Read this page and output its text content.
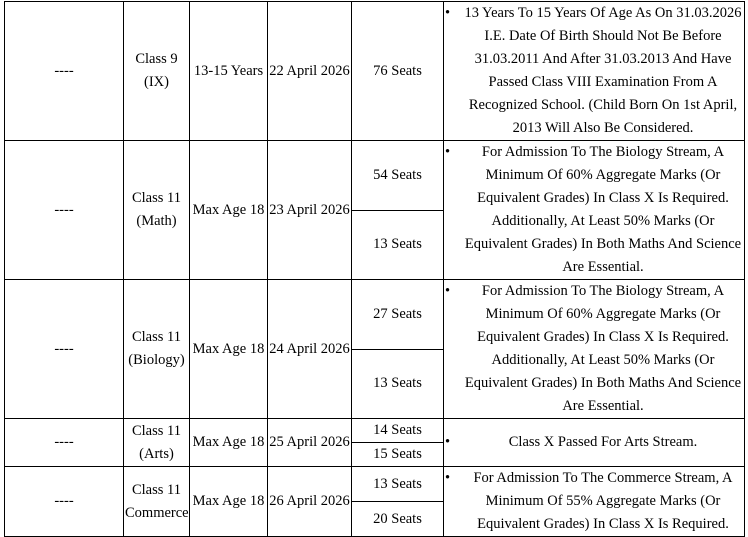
----	Class 9 (IX)	13-15 Years	22 April 2026	76 Seats	• 13 Years To 15 Years Of Age As On 31.03.2026 I.E. Date Of Birth Should Not Be Before 31.03.2011 And After 31.03.2013 And Have Passed Class VIII Examination From A Recognized School. (Child Born On 1st April, 2013 Will Also Be Considered.

----	Class 11 (Math)	Max Age 18	23 April 2026	54 Seats	• For Admission To The Biology Stream, A Minimum Of 60% Aggregate Marks (Or Equivalent Grades) In Class X Is Required. Additionally, At Least 50% Marks (Or Equivalent Grades) In Both Maths And Science Are Essential.

				13 Seats	
----	Class 11 (Biology)	Max Age 18	24 April 2026	27 Seats	• For Admission To The Biology Stream, A Minimum Of 60% Aggregate Marks (Or Equivalent Grades) In Class X Is Required. Additionally, At Least 50% Marks (Or Equivalent Grades) In Both Maths And Science Are Essential.

				13 Seats	
----	Class 11 (Arts)	Max Age 18	25 April 2026	14 Seats	• Class X Passed For Arts Stream.

				15 Seats	
----	Class 11 Commerce	Max Age 18	26 April 2026	13 Seats	• For Admission To The Commerce Stream, A Minimum Of 55% Aggregate Marks (Or Equivalent Grades) In Class X Is Required.

				20 Seats	
